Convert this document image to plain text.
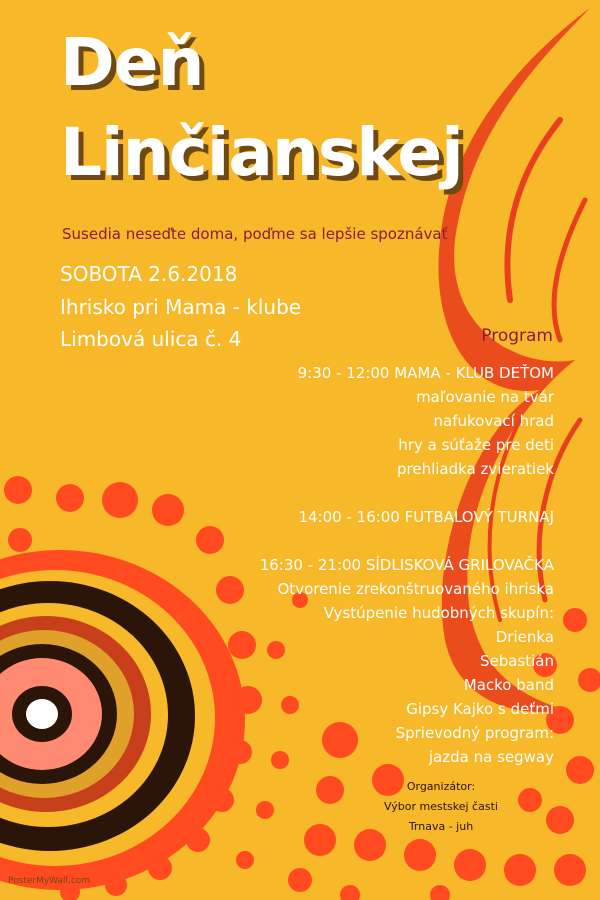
Deň
Linčianskej
Susedia neseďte doma, poďme sa lepšie spoznávať
SOBOTA 2.6.2018
Ihrisko pri Mama - klube
Limbová ulica č. 4	Program
9:30 - 12:00 MAMA - KLUB DEŤOM
maľovanie na tvár
nafukovací hrad
hry a súťaže pre deti
prehliadka zvieratiek
14:00 - 16:00 FUTBALOVÝ TURNAJ
16:30 - 21:00 SÍDLISKOVÁ GRILOVAČKA
Otvorenie zrekonštruovaného ihriska
Vystúpenie hudobných skupín:
Drienka
Sebastián
Macko band
Gipsy Kajko s deťmi
Sprievodný program:
jazda na segway
Organizátor:
Výbor mestskej časti
Trnava - juh
PosterMyWall.com
